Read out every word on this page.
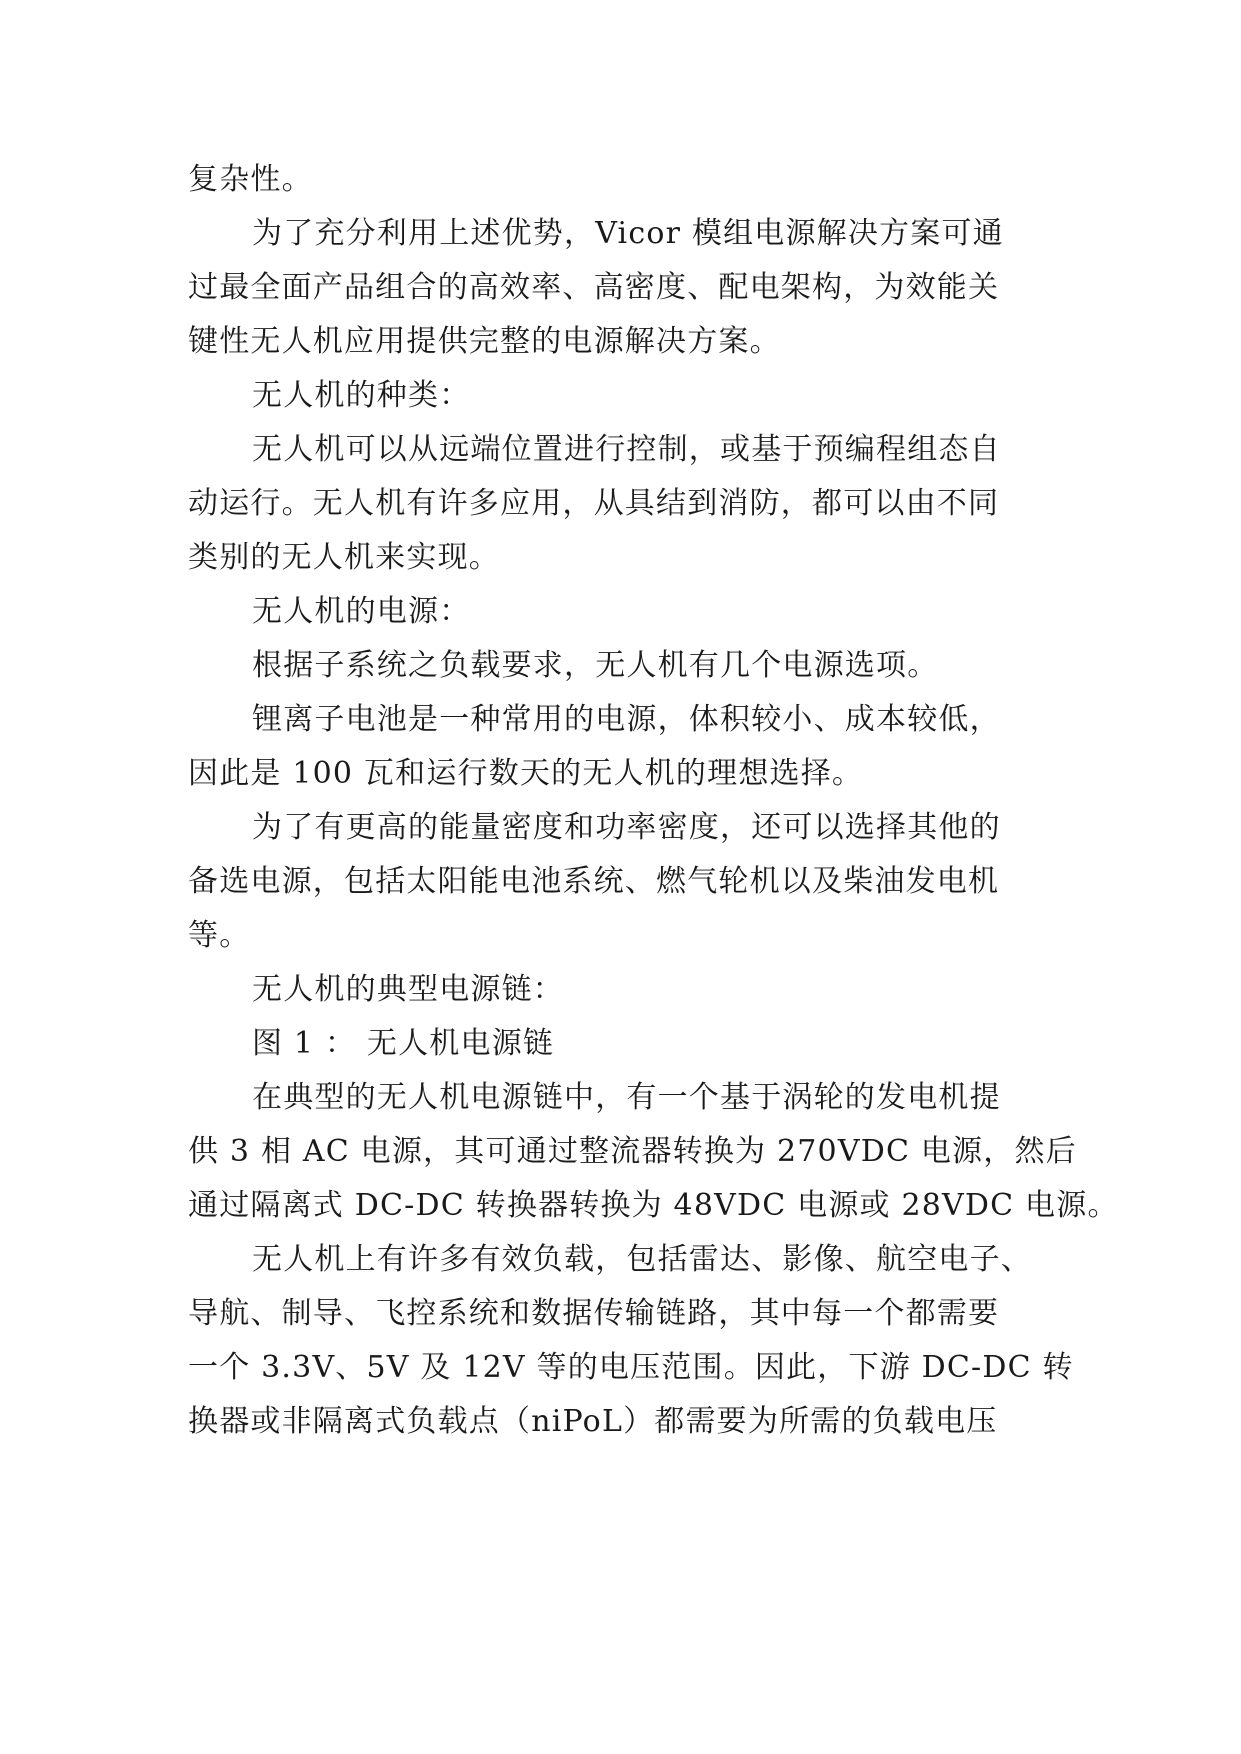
复杂性。
为了充分利用上述优势，Vicor 模组电源解决方案可通
过最全面产品组合的高效率、高密度、配电架构，为效能关
键性无人机应用提供完整的电源解决方案。
无人机的种类：
无人机可以从远端位置进行控制，或基于预编程组态自
动运行。无人机有许多应用，从具结到消防，都可以由不同
类别的无人机来实现。
无人机的电源：
根据子系统之负载要求，无人机有几个电源选项。
锂离子电池是一种常用的电源，体积较小、成本较低，
因此是 100 瓦和运行数天的无人机的理想选择。
为了有更高的能量密度和功率密度，还可以选择其他的
备选电源，包括太阳能电池系统、燃气轮机以及柴油发电机
等。
无人机的典型电源链：
图 1 ： 无人机电源链
在典型的无人机电源链中，有一个基于涡轮的发电机提
供 3 相 AC 电源，其可通过整流器转换为 270VDC 电源，然后
通过隔离式 DC-DC 转换器转换为 48VDC 电源或 28VDC 电源。
无人机上有许多有效负载，包括雷达、影像、航空电子、
导航、制导、飞控系统和数据传输链路，其中每一个都需要
一个 3.3V、5V 及 12V 等的电压范围。因此，下游 DC-DC 转
换器或非隔离式负载点（niPoL）都需要为所需的负载电压
